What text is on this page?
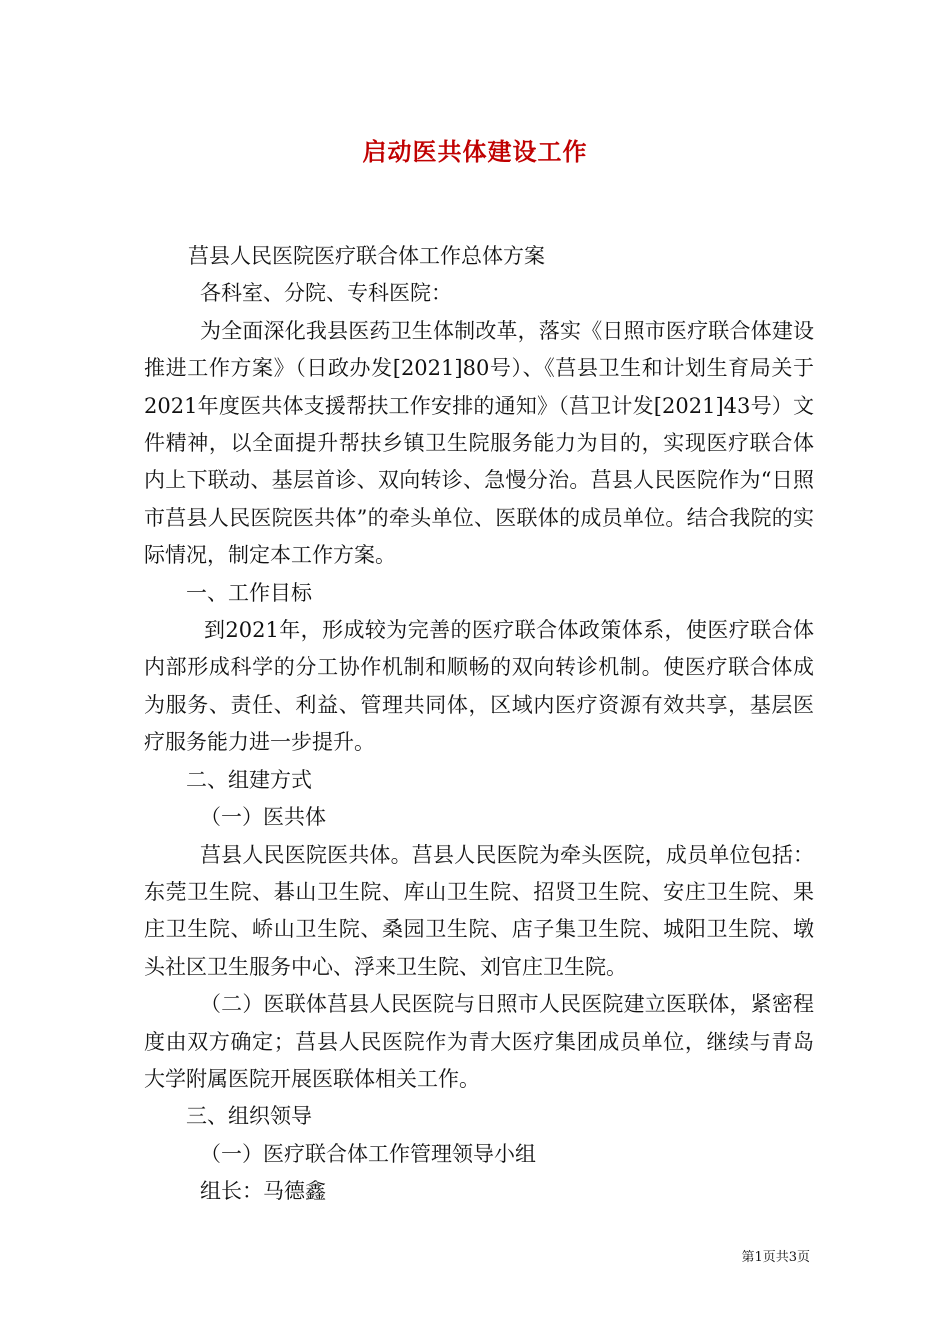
启动医共体建设工作

莒县人民医院医疗联合体工作总体方案

各科室、分院、专科医院：

为全面深化我县医药卫生体制改革，落实《日照市医疗联合体建设推进工作方案》（日政办发[2021]80号）、《莒县卫生和计划生育局关于2021年度医共体支援帮扶工作安排的通知》（莒卫计发[2021]43号）文件精神，以全面提升帮扶乡镇卫生院服务能力为目的，实现医疗联合体内上下联动、基层首诊、双向转诊、急慢分治。莒县人民医院作为“日照市莒县人民医院医共体”的牵头单位、医联体的成员单位。结合我院的实际情况，制定本工作方案。

一、工作目标

到2021年，形成较为完善的医疗联合体政策体系，使医疗联合体内部形成科学的分工协作机制和顺畅的双向转诊机制。使医疗联合体成为服务、责任、利益、管理共同体，区域内医疗资源有效共享，基层医疗服务能力进一步提升。

二、组建方式

（一）医共体

莒县人民医院医共体。莒县人民医院为牵头医院，成员单位包括：东莞卫生院、碁山卫生院、库山卫生院、招贤卫生院、安庄卫生院、果庄卫生院、峤山卫生院、桑园卫生院、店子集卫生院、城阳卫生院、墩头社区卫生服务中心、浮来卫生院、刘官庄卫生院。

（二）医联体莒县人民医院与日照市人民医院建立医联体，紧密程度由双方确定；莒县人民医院作为青大医疗集团成员单位，继续与青岛大学附属医院开展医联体相关工作。

三、组织领导

（一）医疗联合体工作管理领导小组

组长：马德鑫

第1页共3页
